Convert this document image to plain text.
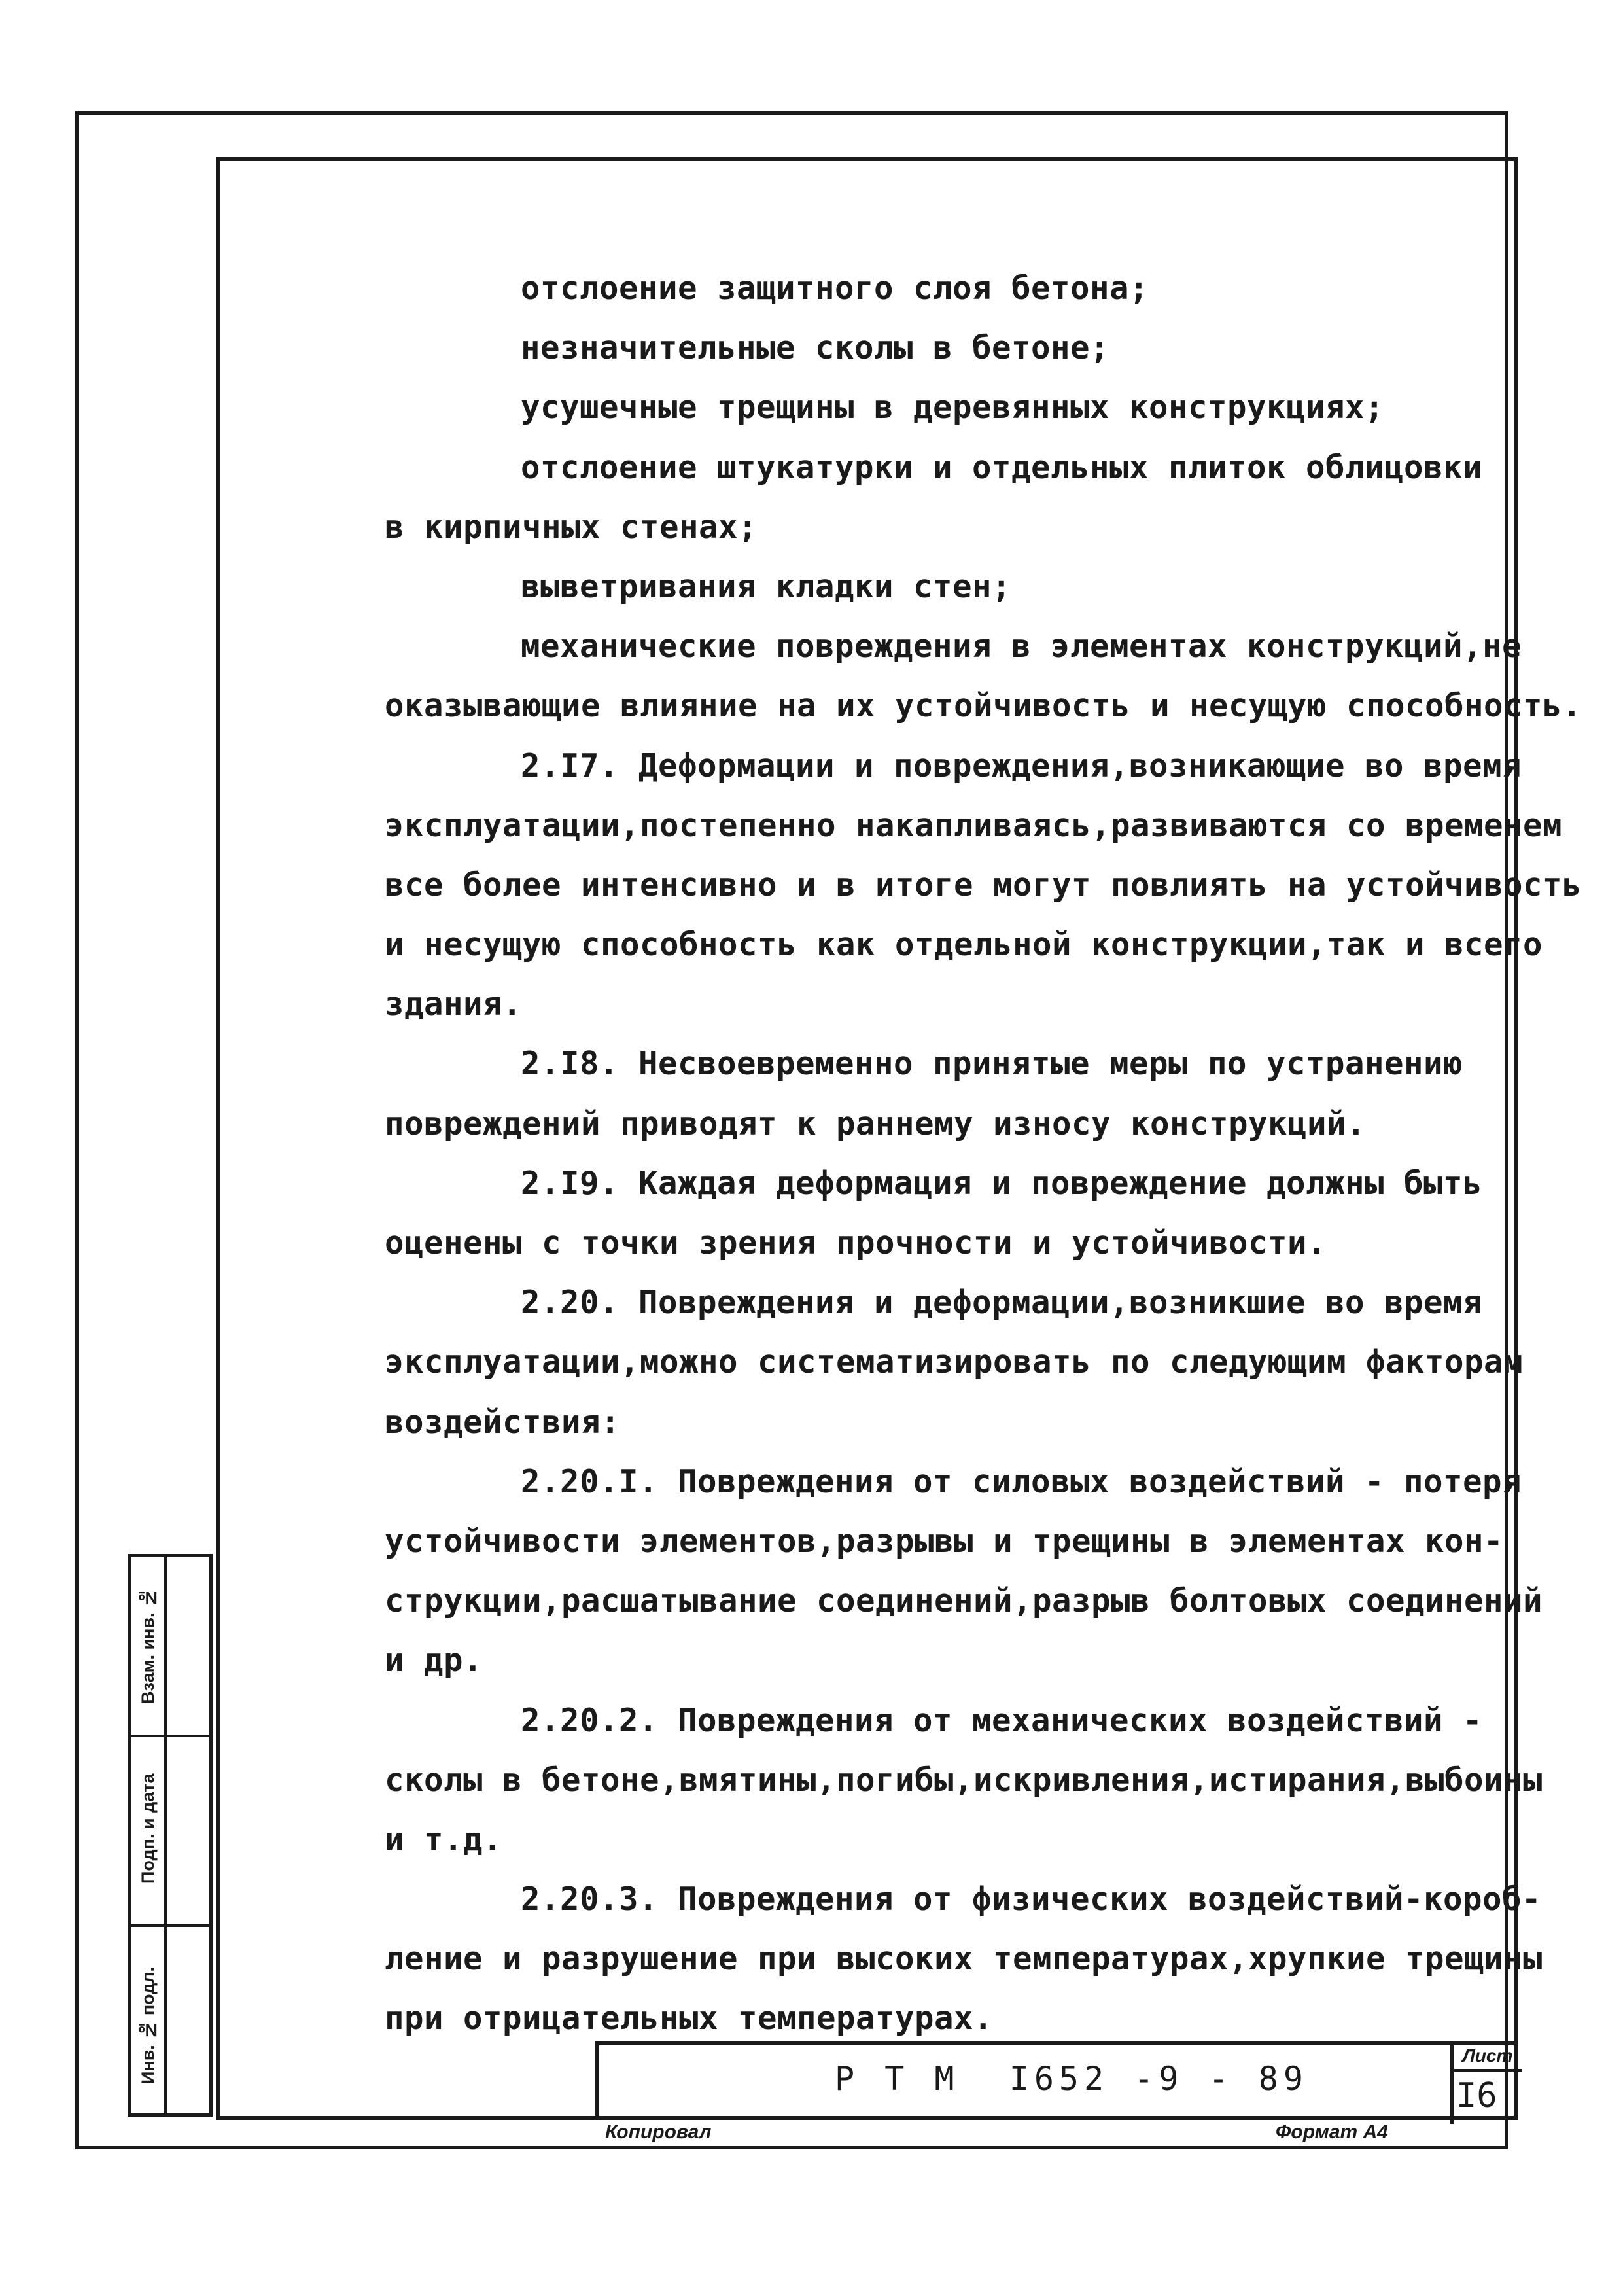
отслоение защитного слоя бетона;
незначительные сколы в бетоне;
усушечные трещины в деревянных конструкциях;
отслоение штукатурки и отдельных плиток облицовки
в кирпичных стенах;
выветривания кладки стен;
механические повреждения в элементах конструкций,не
оказывающие влияние на их устойчивость и несущую способность.
2.I7. Деформации и повреждения,возникающие во время
эксплуатации,постепенно накапливаясь,развиваются со временем
все более интенсивно и в итоге могут повлиять на устойчивость
и несущую способность как отдельной конструкции,так и всего
здания.
2.I8. Несвоевременно принятые меры по устранению
повреждений приводят к раннему износу конструкций.
2.I9. Каждая деформация и повреждение должны быть
оценены с точки зрения прочности и устойчивости.
2.20. Повреждения и деформации,возникшие во время
эксплуатации,можно систематизировать по следующим факторам
воздействия:
2.20.I. Повреждения от силовых воздействий - потеря
устойчивости элементов,разрывы и трещины в элементах кон-
струкции,расшатывание соединений,разрыв болтовых соединений
и др.
2.20.2. Повреждения от механических воздействий -
сколы в бетоне,вмятины,погибы,искривления,истирания,выбоины
и т.д.
2.20.3. Повреждения от физических воздействий-короб-
ление и разрушение при высоких температурах,хрупкие трещины
при отрицательных температурах.
Взам. инв. №
Подп. и дата
Инв. № подл.	Р Т М  I652 -9 - 89
Лист
I6
Копировал	Формат А4
